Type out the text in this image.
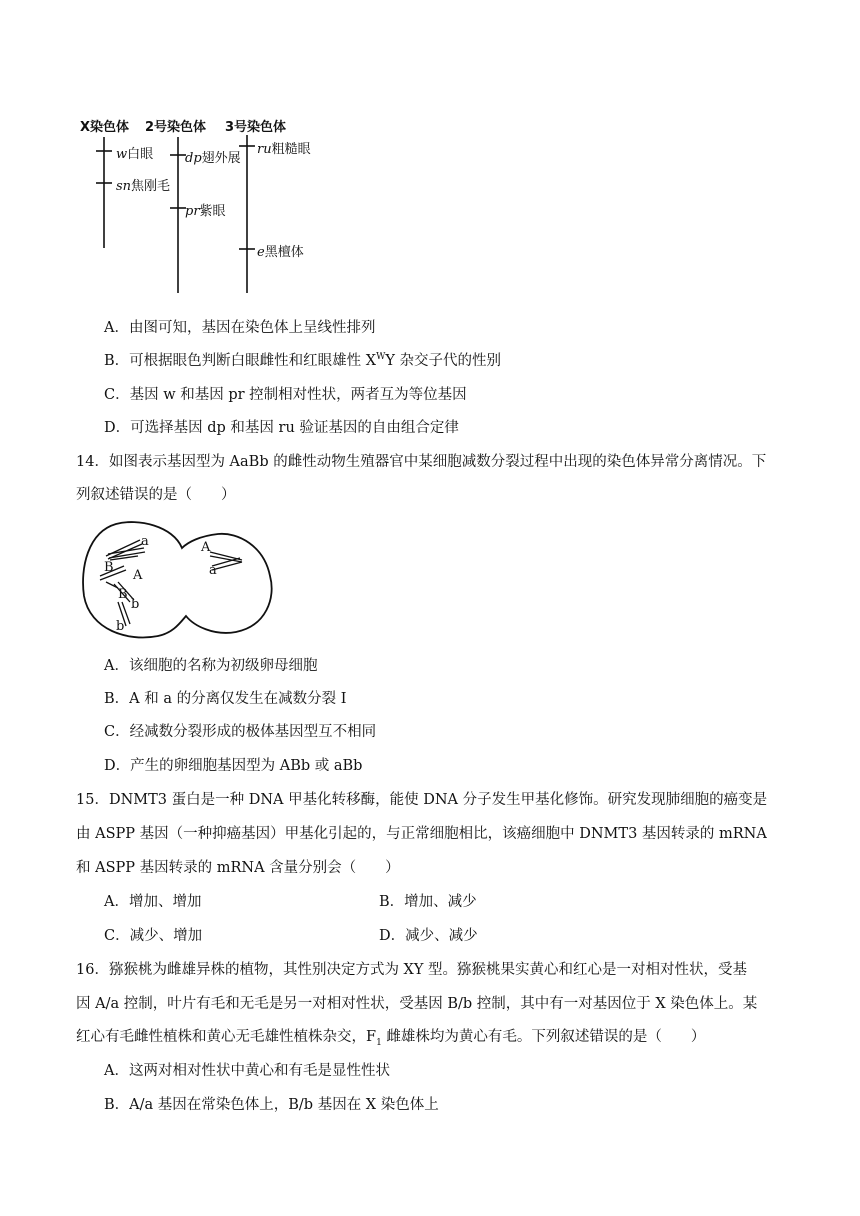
X染色体 2号染色体 3号染色体
w白眼
sn焦刚毛
dp翅外展
pr紫眼
ru粗糙眼
e黑檀体
A．由图可知，基因在染色体上呈线性排列
B．可根据眼色判断白眼雌性和红眼雄性 $X^WY$ 杂交子代的性别
C．基因 w 和基因 pr 控制相对性状，两者互为等位基因
D．可选择基因 dp 和基因 ru 验证基因的自由组合定律
14．如图表示基因型为 AaBb 的雌性动物生殖器官中某细胞减数分裂过程中出现的染色体异常分离情况。下
列叙述错误的是（　　）
a
A
B
B
b
b
A
a
A．该细胞的名称为初级卵母细胞
B．A 和 a 的分离仅发生在减数分裂 Ⅰ
C．经减数分裂形成的极体基因型互不相同
D．产生的卵细胞基因型为 ABb 或 aBb
15．DNMT3 蛋白是一种 DNA 甲基化转移酶，能使 DNA 分子发生甲基化修饰。研究发现肺细胞的癌变是
由 ASPP 基因（一种抑癌基因）甲基化引起的，与正常细胞相比，该癌细胞中 DNMT3 基因转录的 mRNA
和 ASPP 基因转录的 mRNA 含量分别会（　　）
A．增加、增加	B．增加、减少
C．减少、增加	D．减少、减少
16．猕猴桃为雌雄异株的植物，其性别决定方式为 XY 型。猕猴桃果实黄心和红心是一对相对性状，受基
因 A/a 控制，叶片有毛和无毛是另一对相对性状，受基因 B/b 控制，其中有一对基因位于 X 染色体上。某
红心有毛雌性植株和黄心无毛雄性植株杂交，$F_1$ 雌雄株均为黄心有毛。下列叙述错误的是（　　）
A．这两对相对性状中黄心和有毛是显性性状
B．A/a 基因在常染色体上，B/b 基因在 X 染色体上
